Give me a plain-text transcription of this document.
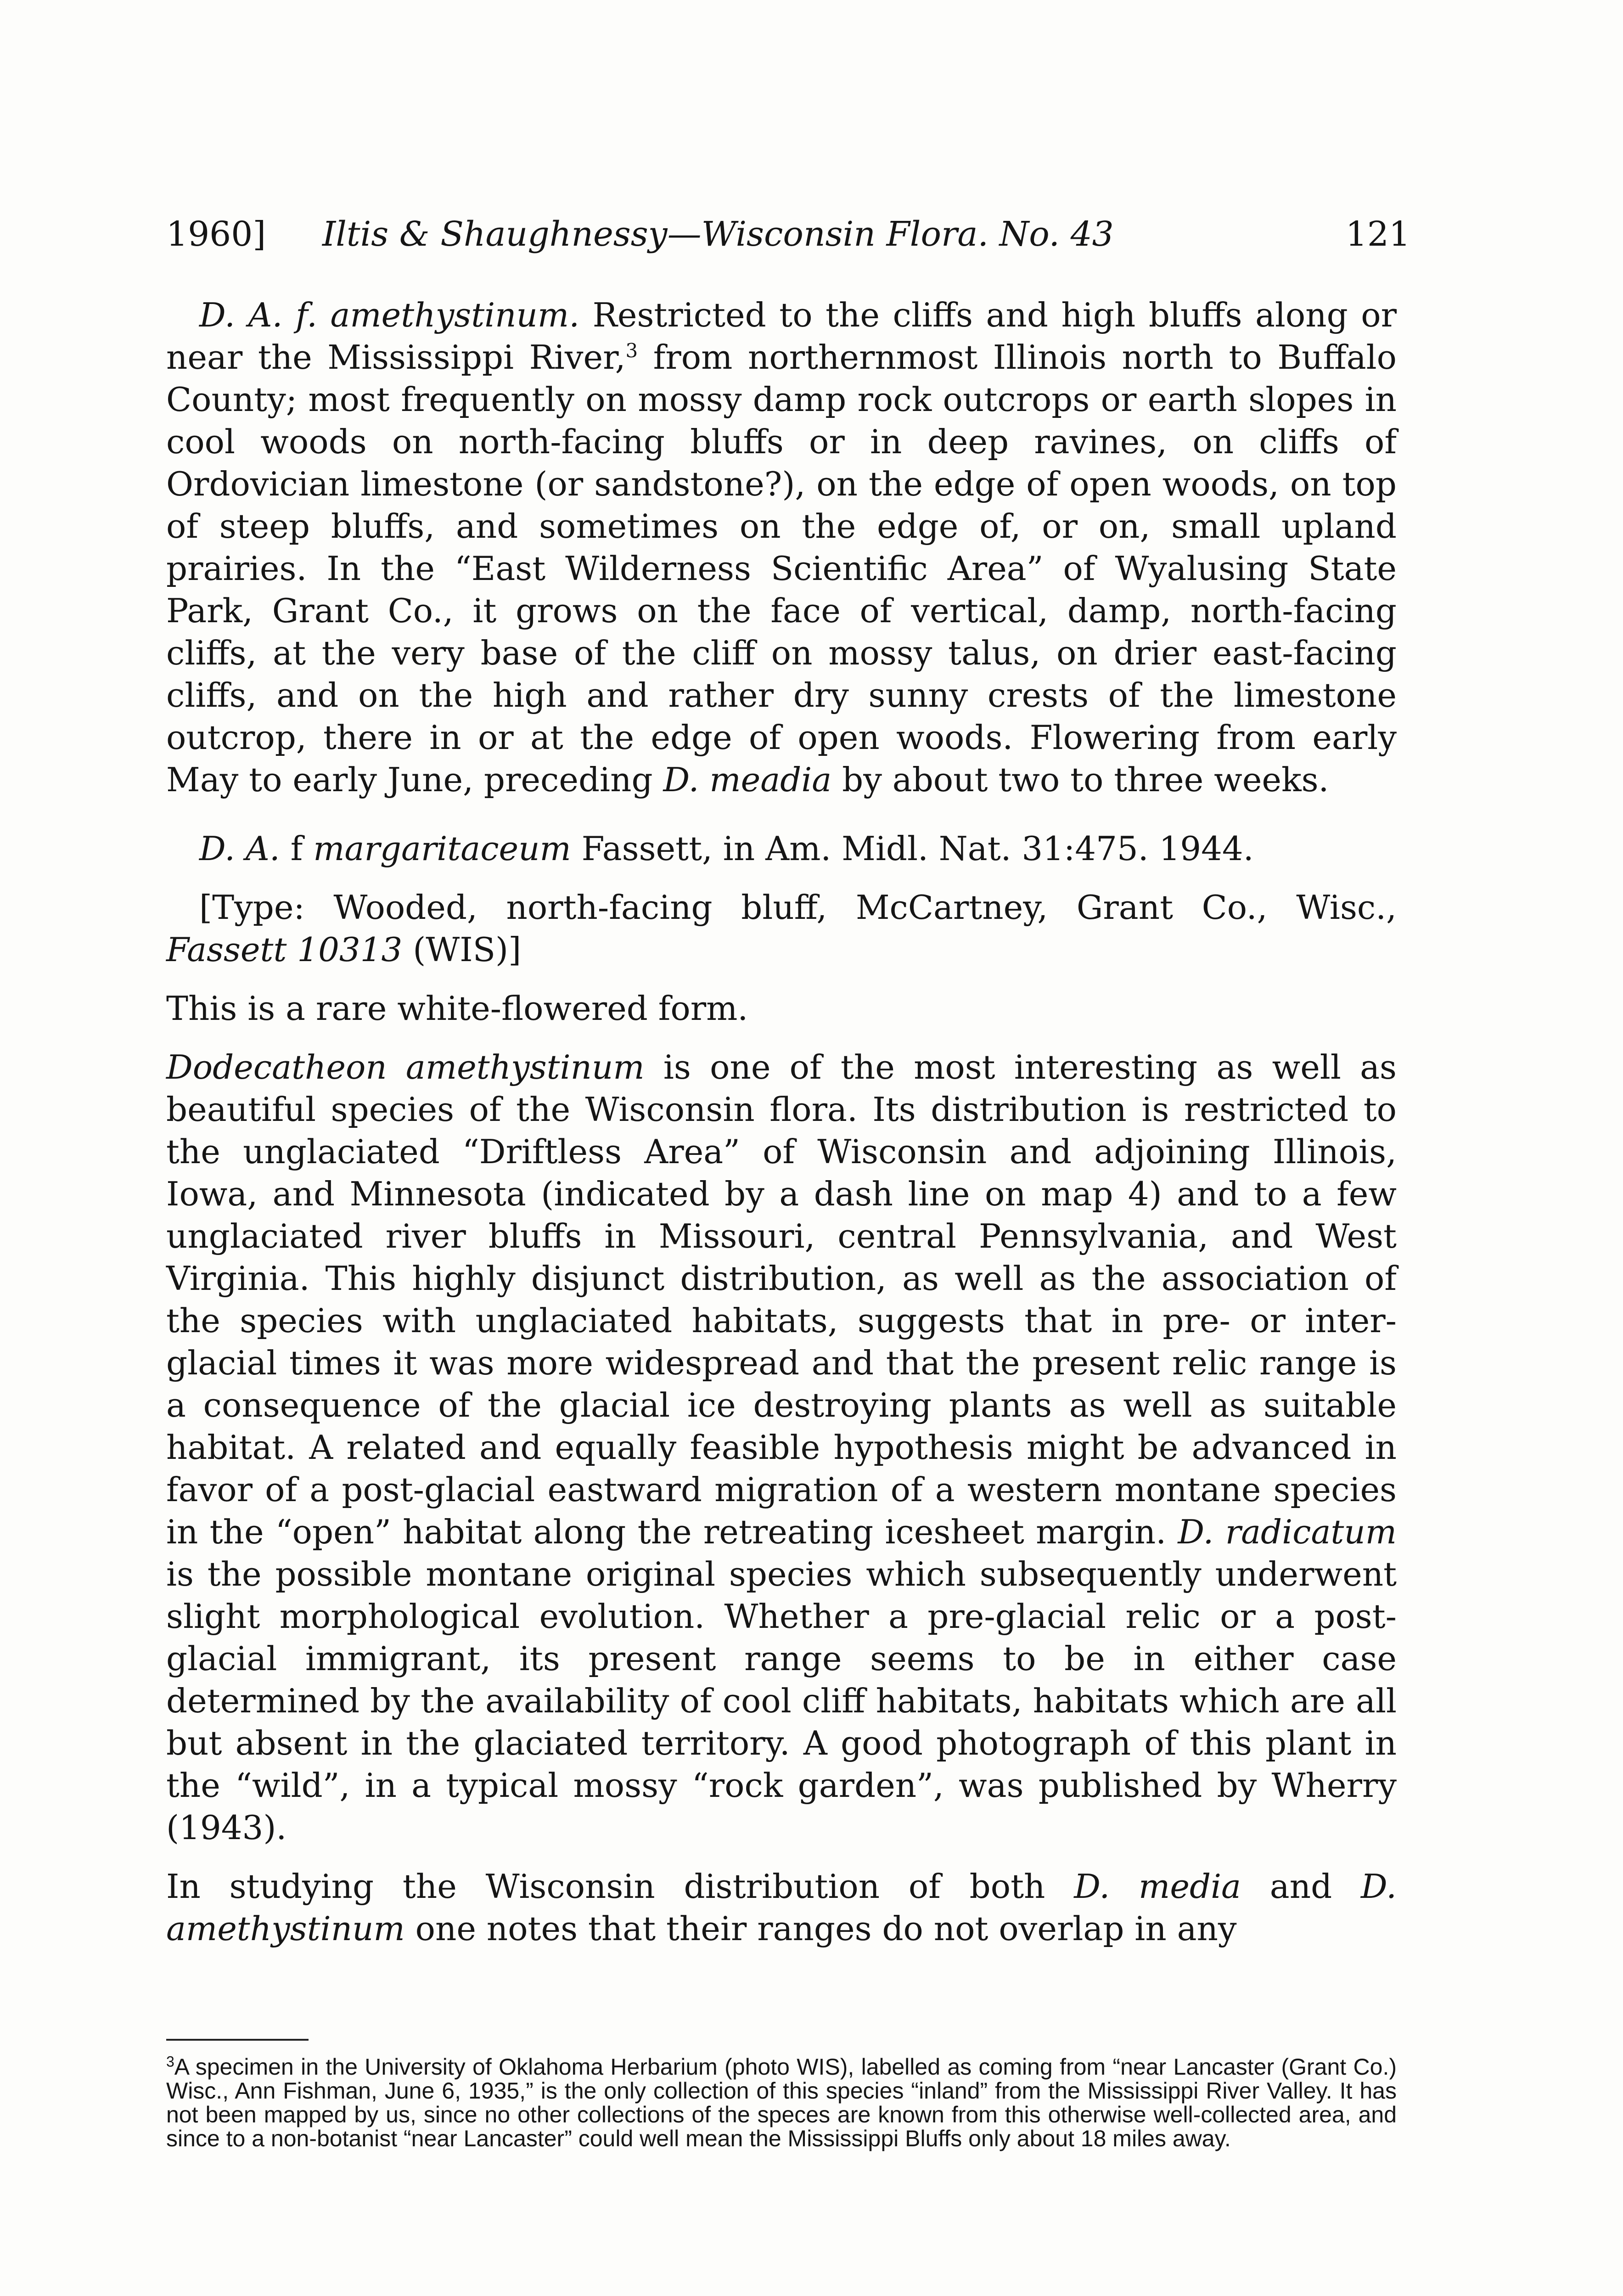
1960] Iltis & Shaughnessy—Wisconsin Flora. No. 43	121

 D. A. f. amethystinum. Restricted to the cliffs and high bluffs along or near the Mississippi River,$^3$ from northernmost Illinois north to Buffalo County; most frequently on mossy damp rock outcrops or earth slopes in cool woods on north-facing bluffs or in deep ravines, on cliffs of Ordovician limestone (or sandstone?), on the edge of open woods, on top of steep bluffs, and sometimes on the edge of, or on, small upland prairies. In the “East Wilderness Scientific Area” of Wyalusing State Park, Grant Co., it grows on the face of vertical, damp, north-facing cliffs, at the very base of the cliff on mossy talus, on drier east-facing cliffs, and on the high and rather dry sunny crests of the limestone outcrop, there in or at the edge of open woods. Flowering from early May to early June, preceding D. meadia by about two to three weeks.

 D. A. f margaritaceum Fassett, in Am. Midl. Nat. 31:475. 1944.

 [Type: Wooded, north-facing bluff, McCartney, Grant Co., Wisc., Fassett 10313 (WIS)]

This is a rare white-flowered form.

Dodecatheon amethystinum is one of the most interesting as well as beautiful species of the Wisconsin flora. Its distribution is restricted to the unglaciated “Driftless Area” of Wisconsin and adjoining Illinois, Iowa, and Minnesota (indicated by a dash line on map 4) and to a few unglaciated river bluffs in Missouri, central Pennsylvania, and West Virginia. This highly disjunct distribution, as well as the association of the species with unglaciated habitats, suggests that in pre- or inter-glacial times it was more widespread and that the present relic range is a consequence of the glacial ice destroying plants as well as suitable habitat. A related and equally feasible hypothesis might be advanced in favor of a post-glacial eastward migration of a western montane species in the “open” habitat along the retreating icesheet margin. D. radicatum is the possible montane original species which subsequently underwent slight morphological evolution. Whether a pre-glacial relic or a post-glacial immigrant, its present range seems to be in either case determined by the availability of cool cliff habitats, habitats which are all but absent in the glaciated territory. A good photograph of this plant in the “wild”, in a typical mossy “rock garden”, was published by Wherry (1943).

In studying the Wisconsin distribution of both D. media and D. amethystinum one notes that their ranges do not overlap in any

$^3$A specimen in the University of Oklahoma Herbarium (photo WIS), labelled as coming from “near Lancaster (Grant Co.) Wisc., Ann Fishman, June 6, 1935,” is the only collection of this species “inland” from the Mississippi River Valley. It has not been mapped by us, since no other collections of the speces are known from this otherwise well-collected area, and since to a non-botanist “near Lancaster” could well mean the Mississippi Bluffs only about 18 miles away.
